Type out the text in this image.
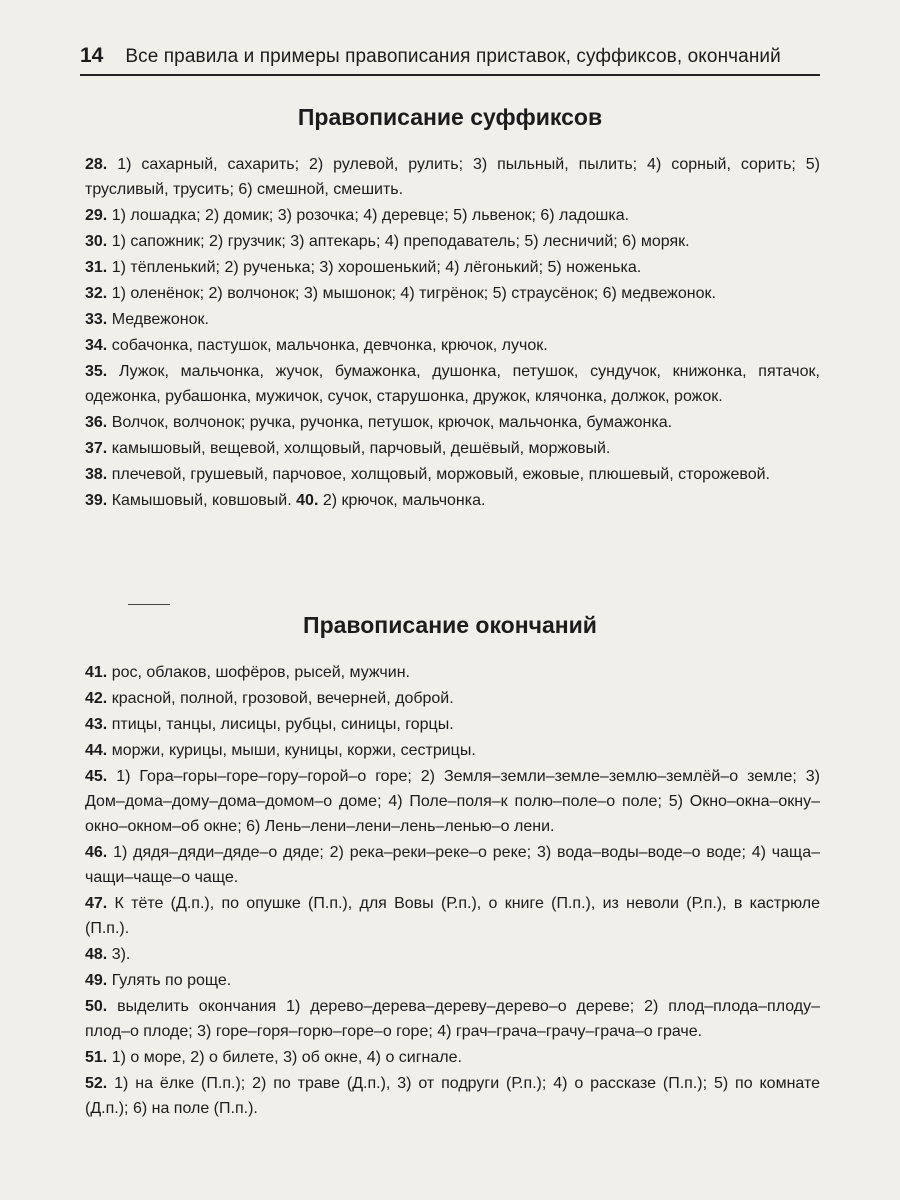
14 Все правила и примеры правописания приставок, суффиксов, окончаний
Правописание суффиксов

28. 1) сахарный, сахарить; 2) рулевой, рулить; 3) пыльный, пылить; 4) сорный, сорить; 5) трусливый, трусить; 6) смешной, смешить.

29. 1) лошадка; 2) домик; 3) розочка; 4) деревце; 5) львенок; 6) ладошка.

30. 1) сапожник; 2) грузчик; 3) аптекарь; 4) преподаватель; 5) лесничий; 6) моряк.

31. 1) тёпленький; 2) рученька; 3) хорошенький; 4) лёгонький; 5) ноженька.

32. 1) оленёнок; 2) волчонок; 3) мышонок; 4) тигрёнок; 5) страусёнок; 6) медвежонок.

33. Медвежонок.

34. собачонка, пастушок, мальчонка, девчонка, крючок, лучок.

35. Лужок, мальчонка, жучок, бумажонка, душонка, петушок, сундучок, книжонка, пятачок, одежонка, рубашонка, мужичок, сучок, старушонка, дружок, клячонка, должок, рожок.

36. Волчок, волчонок; ручка, ручонка, петушок, крючок, мальчонка, бумажонка.

37. камышовый, вещевой, холщовый, парчовый, дешёвый, моржовый.

38. плечевой, грушевый, парчовое, холщовый, моржовый, ежовые, плюшевый, сторожевой.

39. Камышовый, ковшовый. 40. 2) крючок, мальчонка.

Правописание окончаний

41. рос, облаков, шофёров, рысей, мужчин.

42. красной, полной, грозовой, вечерней, доброй.

43. птицы, танцы, лисицы, рубцы, синицы, горцы.

44. моржи, курицы, мыши, куницы, коржи, сестрицы.

45. 1) Гора–горы–горе–гору–горой–о горе; 2) Земля–земли–земле–землю–землёй–о земле; 3) Дом–дома–дому–дома–домом–о доме; 4) Поле–поля–к полю–поле–о поле; 5) Окно–окна–окну–окно–окном–об окне; 6) Лень–лени–лени–лень–ленью–о лени.

46. 1) дядя–дяди–дяде–о дяде; 2) река–реки–реке–о реке; 3) вода–воды–воде–о воде; 4) чаща–чащи–чаще–о чаще.

47. К тёте (Д.п.), по опушке (П.п.), для Вовы (Р.п.), о книге (П.п.), из неволи (Р.п.), в кастрюле (П.п.).

48. 3).

49. Гулять по роще.

50. выделить окончания 1) дерево–дерева–дереву–дерево–о дереве; 2) плод–плода–плоду–плод–о плоде; 3) горе–горя–горю–горе–о горе; 4) грач–грача–грачу–грача–о граче.

51. 1) о море, 2) о билете, 3) об окне, 4) о сигнале.

52. 1) на ёлке (П.п.); 2) по траве (Д.п.), 3) от подруги (Р.п.); 4) о рассказе (П.п.); 5) по комнате (Д.п.); 6) на поле (П.п.).
